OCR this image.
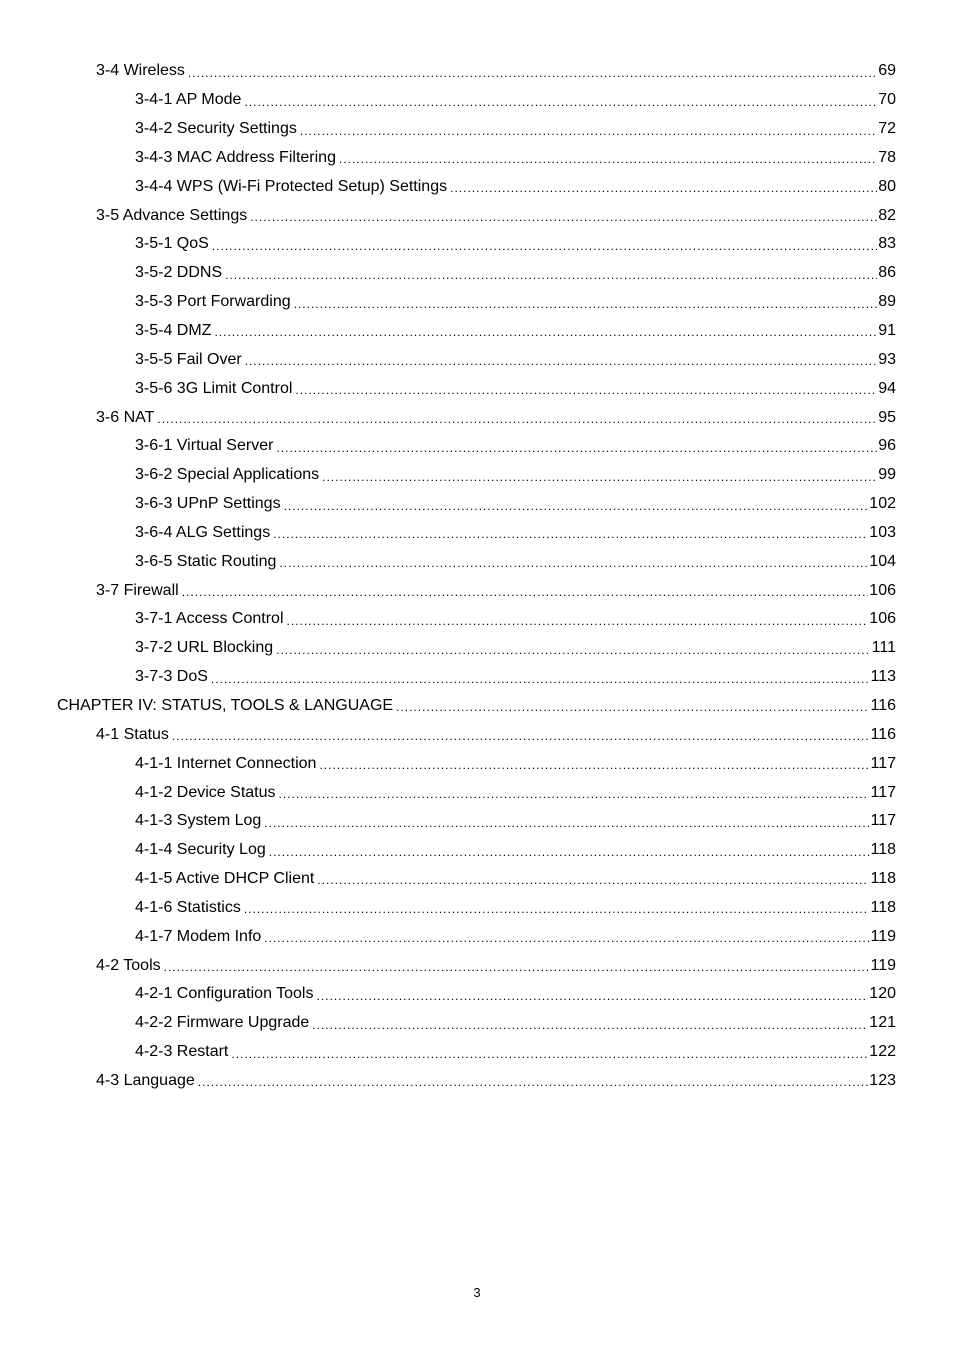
3-4 Wireless .....	69
3-4-1 AP Mode .....	70
3-4-2 Security Settings .....	72
3-4-3 MAC Address Filtering .....	78
3-4-4 WPS (Wi-Fi Protected Setup) Settings .....	80
3-5 Advance Settings .....	82
3-5-1 QoS .....	83
3-5-2 DDNS .....	86
3-5-3 Port Forwarding .....	89
3-5-4 DMZ .....	91
3-5-5 Fail Over .....	93
3-5-6 3G Limit Control .....	94
3-6 NAT .....	95
3-6-1 Virtual Server .....	96
3-6-2 Special Applications .....	99
3-6-3 UPnP Settings .....	102
3-6-4 ALG Settings .....	103
3-6-5 Static Routing .....	104
3-7 Firewall .....	106
3-7-1 Access Control .....	106
3-7-2 URL Blocking .....	111
3-7-3 DoS .....	113
CHAPTER IV: STATUS, TOOLS & LANGUAGE .....	116
4-1 Status .....	116
4-1-1 Internet Connection .....	117
4-1-2 Device Status .....	117
4-1-3 System Log .....	117
4-1-4 Security Log .....	118
4-1-5 Active DHCP Client .....	118
4-1-6 Statistics .....	118
4-1-7 Modem Info .....	119
4-2 Tools .....	119
4-2-1 Configuration Tools .....	120
4-2-2 Firmware Upgrade .....	121
4-2-3 Restart .....	122
4-3 Language .....	123
3
